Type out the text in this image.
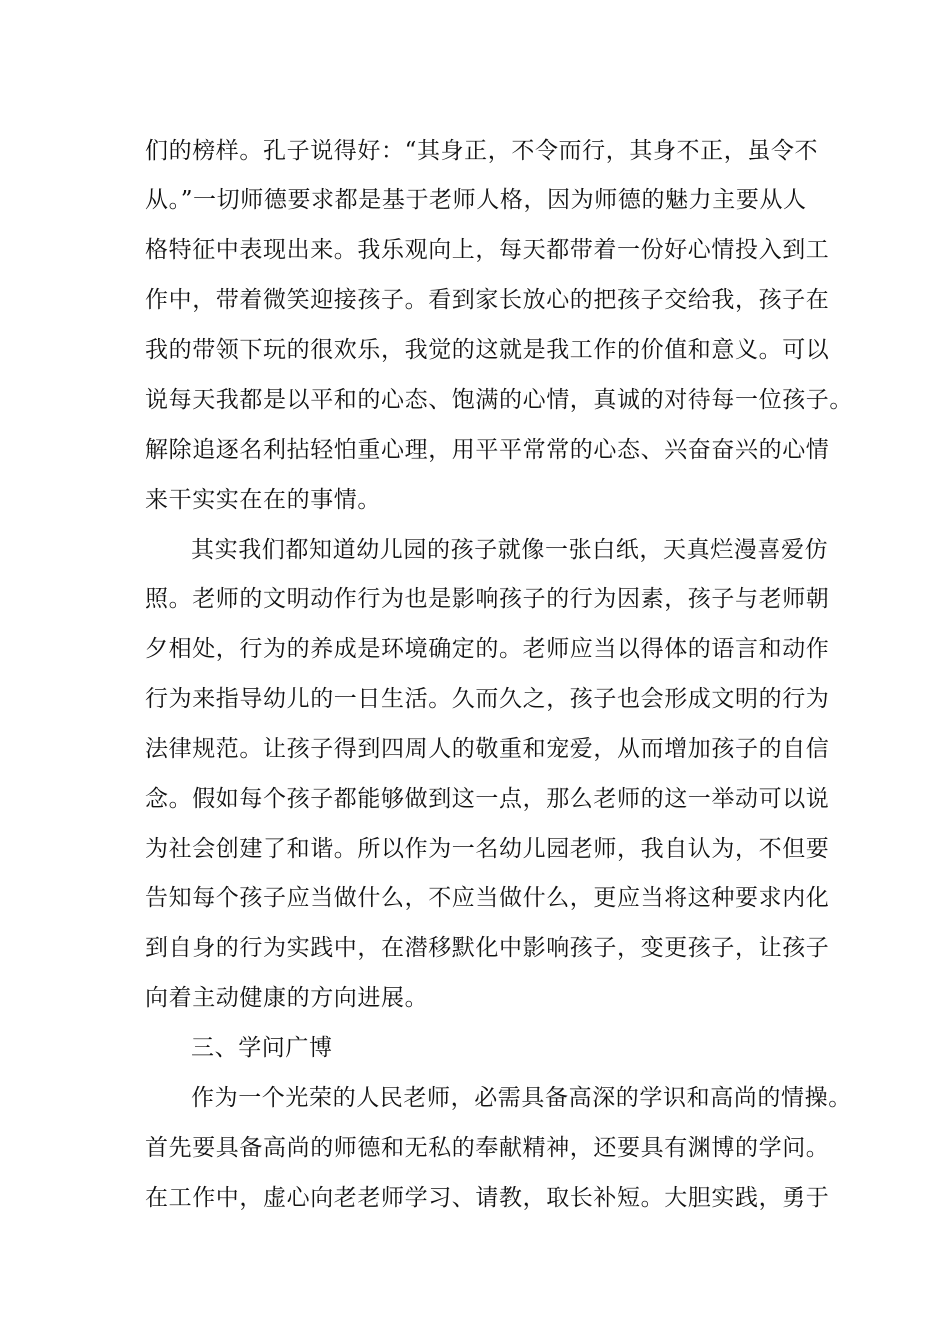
们的榜样。孔子说得好：“其身正，不令而行，其身不正，虽令不
从。”一切师德要求都是基于老师人格，因为师德的魅力主要从人
格特征中表现出来。我乐观向上，每天都带着一份好心情投入到工
作中，带着微笑迎接孩子。看到家长放心的把孩子交给我，孩子在
我的带领下玩的很欢乐，我觉的这就是我工作的价值和意义。可以
说每天我都是以平和的心态、饱满的心情，真诚的对待每一位孩子。
解除追逐名利拈轻怕重心理，用平平常常的心态、兴奋奋兴的心情
来干实实在在的事情。
其实我们都知道幼儿园的孩子就像一张白纸，天真烂漫喜爱仿
照。老师的文明动作行为也是影响孩子的行为因素，孩子与老师朝
夕相处，行为的养成是环境确定的。老师应当以得体的语言和动作
行为来指导幼儿的一日生活。久而久之，孩子也会形成文明的行为
法律规范。让孩子得到四周人的敬重和宠爱，从而增加孩子的自信
念。假如每个孩子都能够做到这一点，那么老师的这一举动可以说
为社会创建了和谐。所以作为一名幼儿园老师，我自认为，不但要
告知每个孩子应当做什么，不应当做什么，更应当将这种要求内化
到自身的行为实践中，在潜移默化中影响孩子，变更孩子，让孩子
向着主动健康的方向进展。
三、学问广博
作为一个光荣的人民老师，必需具备高深的学识和高尚的情操。
首先要具备高尚的师德和无私的奉献精神，还要具有渊博的学问。
在工作中，虚心向老老师学习、请教，取长补短。大胆实践，勇于
